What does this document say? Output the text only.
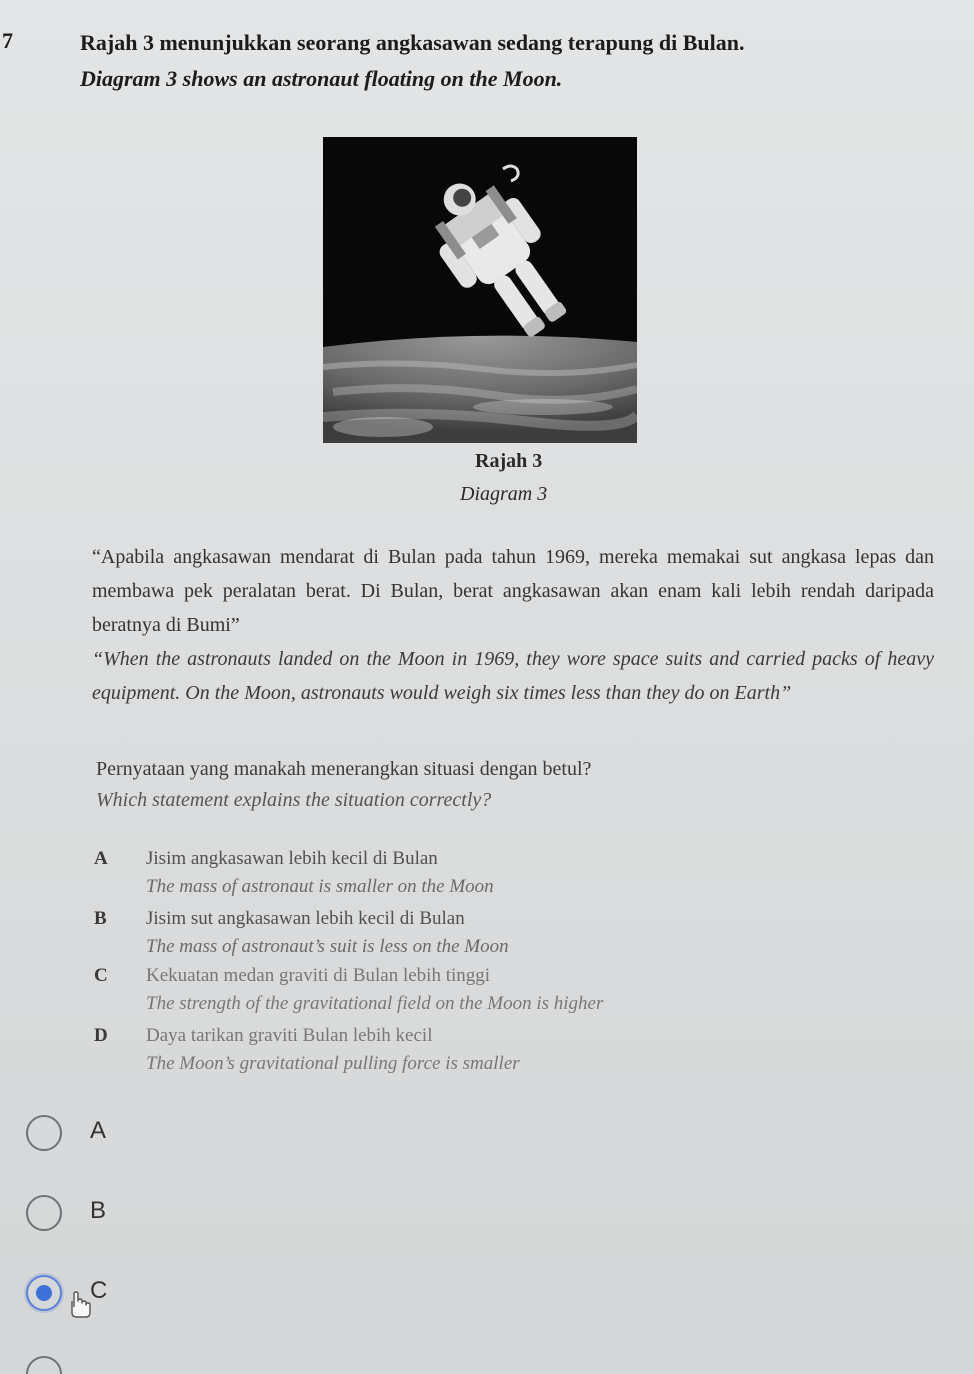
7	Rajah 3 menunjukkan seorang angkasawan sedang terapung di Bulan.
Diagram 3 shows an astronaut floating on the Moon.
Rajah 3
Diagram 3
“Apabila angkasawan mendarat di Bulan pada tahun 1969, mereka memakai sut angkasa lepas dan membawa pek peralatan berat. Di Bulan, berat angkasawan akan enam kali lebih rendah daripada beratnya di Bumi”
“When the astronauts landed on the Moon in 1969, they wore space suits and carried packs of heavy equipment. On the Moon, astronauts would weigh six times less than they do on Earth”
Pernyataan yang manakah menerangkan situasi dengan betul?
Which statement explains the situation correctly?
A Jisim angkasawan lebih kecil di Bulan
The mass of astronaut is smaller on the Moon
B Jisim sut angkasawan lebih kecil di Bulan
The mass of astronaut’s suit is less on the Moon
C Kekuatan medan graviti di Bulan lebih tinggi
The strength of the gravitational field on the Moon is higher
D Daya tarikan graviti Bulan lebih kecil
The Moon’s gravitational pulling force is smaller
A
B
C
